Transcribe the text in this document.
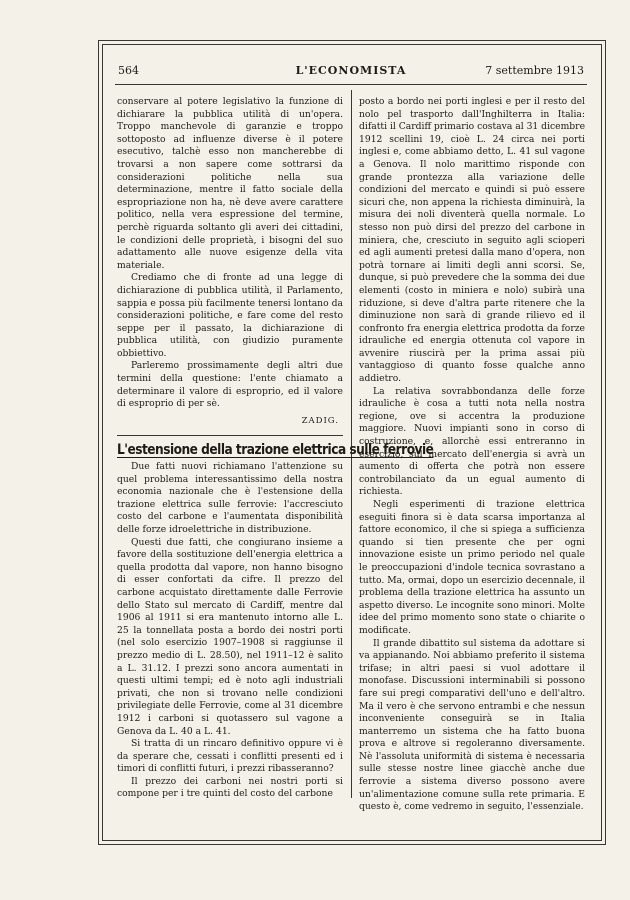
564	L'ECONOMISTA	7 settembre 1913

conservare al potere legislativo la funzione di dichiarare la pubblica utilità di un'opera. Troppo manchevole di garanzie e troppo sottoposto ad influenze diverse è il potere esecutivo, talchè esso non mancherebbe di trovarsi a non sapere come sottrarsi da considerazioni politiche nella sua determinazione, mentre il fatto sociale della espropriazione non ha, nè deve avere carattere politico, nella vera espressione del termine, perchè riguarda soltanto gli averi dei cittadini, le condizioni delle proprietà, i bisogni del suo adattamento alle nuove esigenze della vita materiale.

Crediamo che di fronte ad una legge di dichiarazione di pubblica utilità, il Parlamento, sappia e possa più facilmente tenersi lontano da considerazioni politiche, e fare come del resto seppe per il passato, la dichiarazione di pubblica utilità, con giudizio puramente obbiettivo.

Parleremo prossimamente degli altri due termini della questione: l'ente chiamato a determinare il valore di esproprio, ed il valore di esproprio di per sè.

ZADIG.
L'estensione della trazione elettrica sulle ferrovie

Due fatti nuovi richiamano l'attenzione su quel problema interessantissimo della nostra economia nazionale che è l'estensione della trazione elettrica sulle ferrovie: l'accresciuto costo del carbone e l'aumentata disponibilità delle forze idroelettriche in distribuzione.

Questi due fatti, che congiurano insieme a favore della sostituzione dell'energia elettrica a quella prodotta dal vapore, non hanno bisogno di esser confortati da cifre. Il prezzo del carbone acquistato direttamente dalle Ferrovie dello Stato sul mercato di Cardiff, mentre dal 1906 al 1911 si era mantenuto intorno alle L. 25 la tonnellata posta a bordo dei nostri porti (nel solo esercizio 1907–1908 si raggiunse il prezzo medio di L. 28.50), nel 1911–12 è salito a L. 31.12. I prezzi sono ancora aumentati in questi ultimi tempi; ed è noto agli industriali privati, che non si trovano nelle condizioni privilegiate delle Ferrovie, come al 31 dicembre 1912 i carboni si quotassero sul vagone a Genova da L. 40 a L. 41.

Si tratta di un rincaro definitivo oppure vi è da sperare che, cessati i conflitti presenti ed i timori di conflitti futuri, i prezzi ribasseranno?

Il prezzo dei carboni nei nostri porti si compone per i tre quinti del costo del carbone

posto a bordo nei porti inglesi e per il resto del nolo pel trasporto dall'Inghilterra in Italia: difatti il Cardiff primario costava al 31 dicembre 1912 scellini 19, cioè L. 24 circa nei porti inglesi e, come abbiamo detto, L. 41 sul vagone a Genova. Il nolo marittimo risponde con grande prontezza alla variazione delle condizioni del mercato e quindi si può essere sicuri che, non appena la richiesta diminuirà, la misura dei noli diventerà quella normale. Lo stesso non può dirsi del prezzo del carbone in miniera, che, cresciuto in seguito agli scioperi ed agli aumenti pretesi dalla mano d'opera, non potrà tornare ai limiti degli anni scorsi. Se, dunque, si può prevedere che la somma dei due elementi (costo in miniera e nolo) subirà una riduzione, si deve d'altra parte ritenere che la diminuzione non sarà di grande rilievo ed il confronto fra energia elettrica prodotta da forze idrauliche ed energia ottenuta col vapore in avvenire riuscirà per la prima assai più vantaggioso di quanto fosse qualche anno addietro.

La relativa sovrabbondanza delle forze idrauliche è cosa a tutti nota nella nostra regione, ove si accentra la produzione maggiore. Nuovi impianti sono in corso di costruzione, e, allorchè essi entreranno in esercizio, sul mercato dell'energia si avrà un aumento di offerta che potrà non essere controbilanciato da un egual aumento di richiesta.

Negli esperimenti di trazione elettrica eseguiti finora si è data scarsa importanza al fattore economico, il che si spiega a sufficienza quando si tien presente che per ogni innovazione esiste un primo periodo nel quale le preoccupazioni d'indole tecnica sovrastano a tutto. Ma, ormai, dopo un esercizio decennale, il problema della trazione elettrica ha assunto un aspetto diverso. Le incognite sono minori. Molte idee del primo momento sono state o chiarite o modificate.

Il grande dibattito sul sistema da adottare si va appianando. Noi abbiamo preferito il sistema trifase; in altri paesi si vuol adottare il monofase. Discussioni interminabili si possono fare sui pregi comparativi dell'uno e dell'altro. Ma il vero è che servono entrambi e che nessun inconveniente conseguirà se in Italia manterremo un sistema che ha fatto buona prova e altrove si regoleranno diversamente. Nè l'assoluta uniformità di sistema è necessaria sulle stesse nostre linee giacchè anche due ferrovie a sistema diverso possono avere un'alimentazione comune sulla rete primaria. E questo è, come vedremo in seguito, l'essenziale.
